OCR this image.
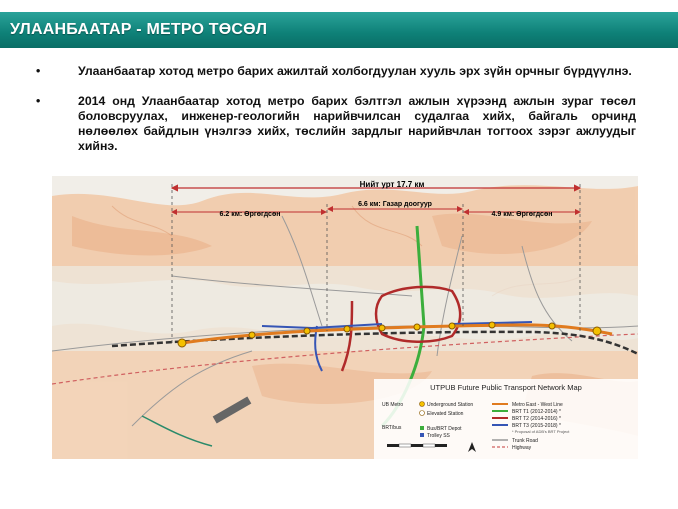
УЛААНБААТАР - МЕТРО ТӨСӨЛ
•	Улаанбаатар хотод метро барих ажилтай холбогдуулан хууль эрх зүйн орчныг бүрдүүлнэ.
•	2014 онд Улаанбаатар хотод метро барих бэлтгэл ажлын хүрээнд ажлын зураг төсөл боловсруулах, инженер-геологийн нарийвчилсан судалгаа хийх, байгаль орчинд нөлөөлөх байдлын үнэлгээ хийх, төслийн зардлыг нарийвчлан тогтоох зэрэг ажлуудыг хийнэ.
Нийт урт 17.7 км
6.2 км: Өргөгдсөн
6.6 км: Газар доогуур
4.9 км: Өргөгдсөн
UTPUB Future Public Transport Network Map
UB Metro	Underground Station
Elevated Station
Metro East - West Line
BRT T1 (2012-2014) *
BRT T2 (2014-2016) *
BRT T3 (2015-2018) *
* Proposal of ADB's BRT Project
BRT/bus	Bus/BRT Depot
Trolley SS
Trunk Road
Highway
